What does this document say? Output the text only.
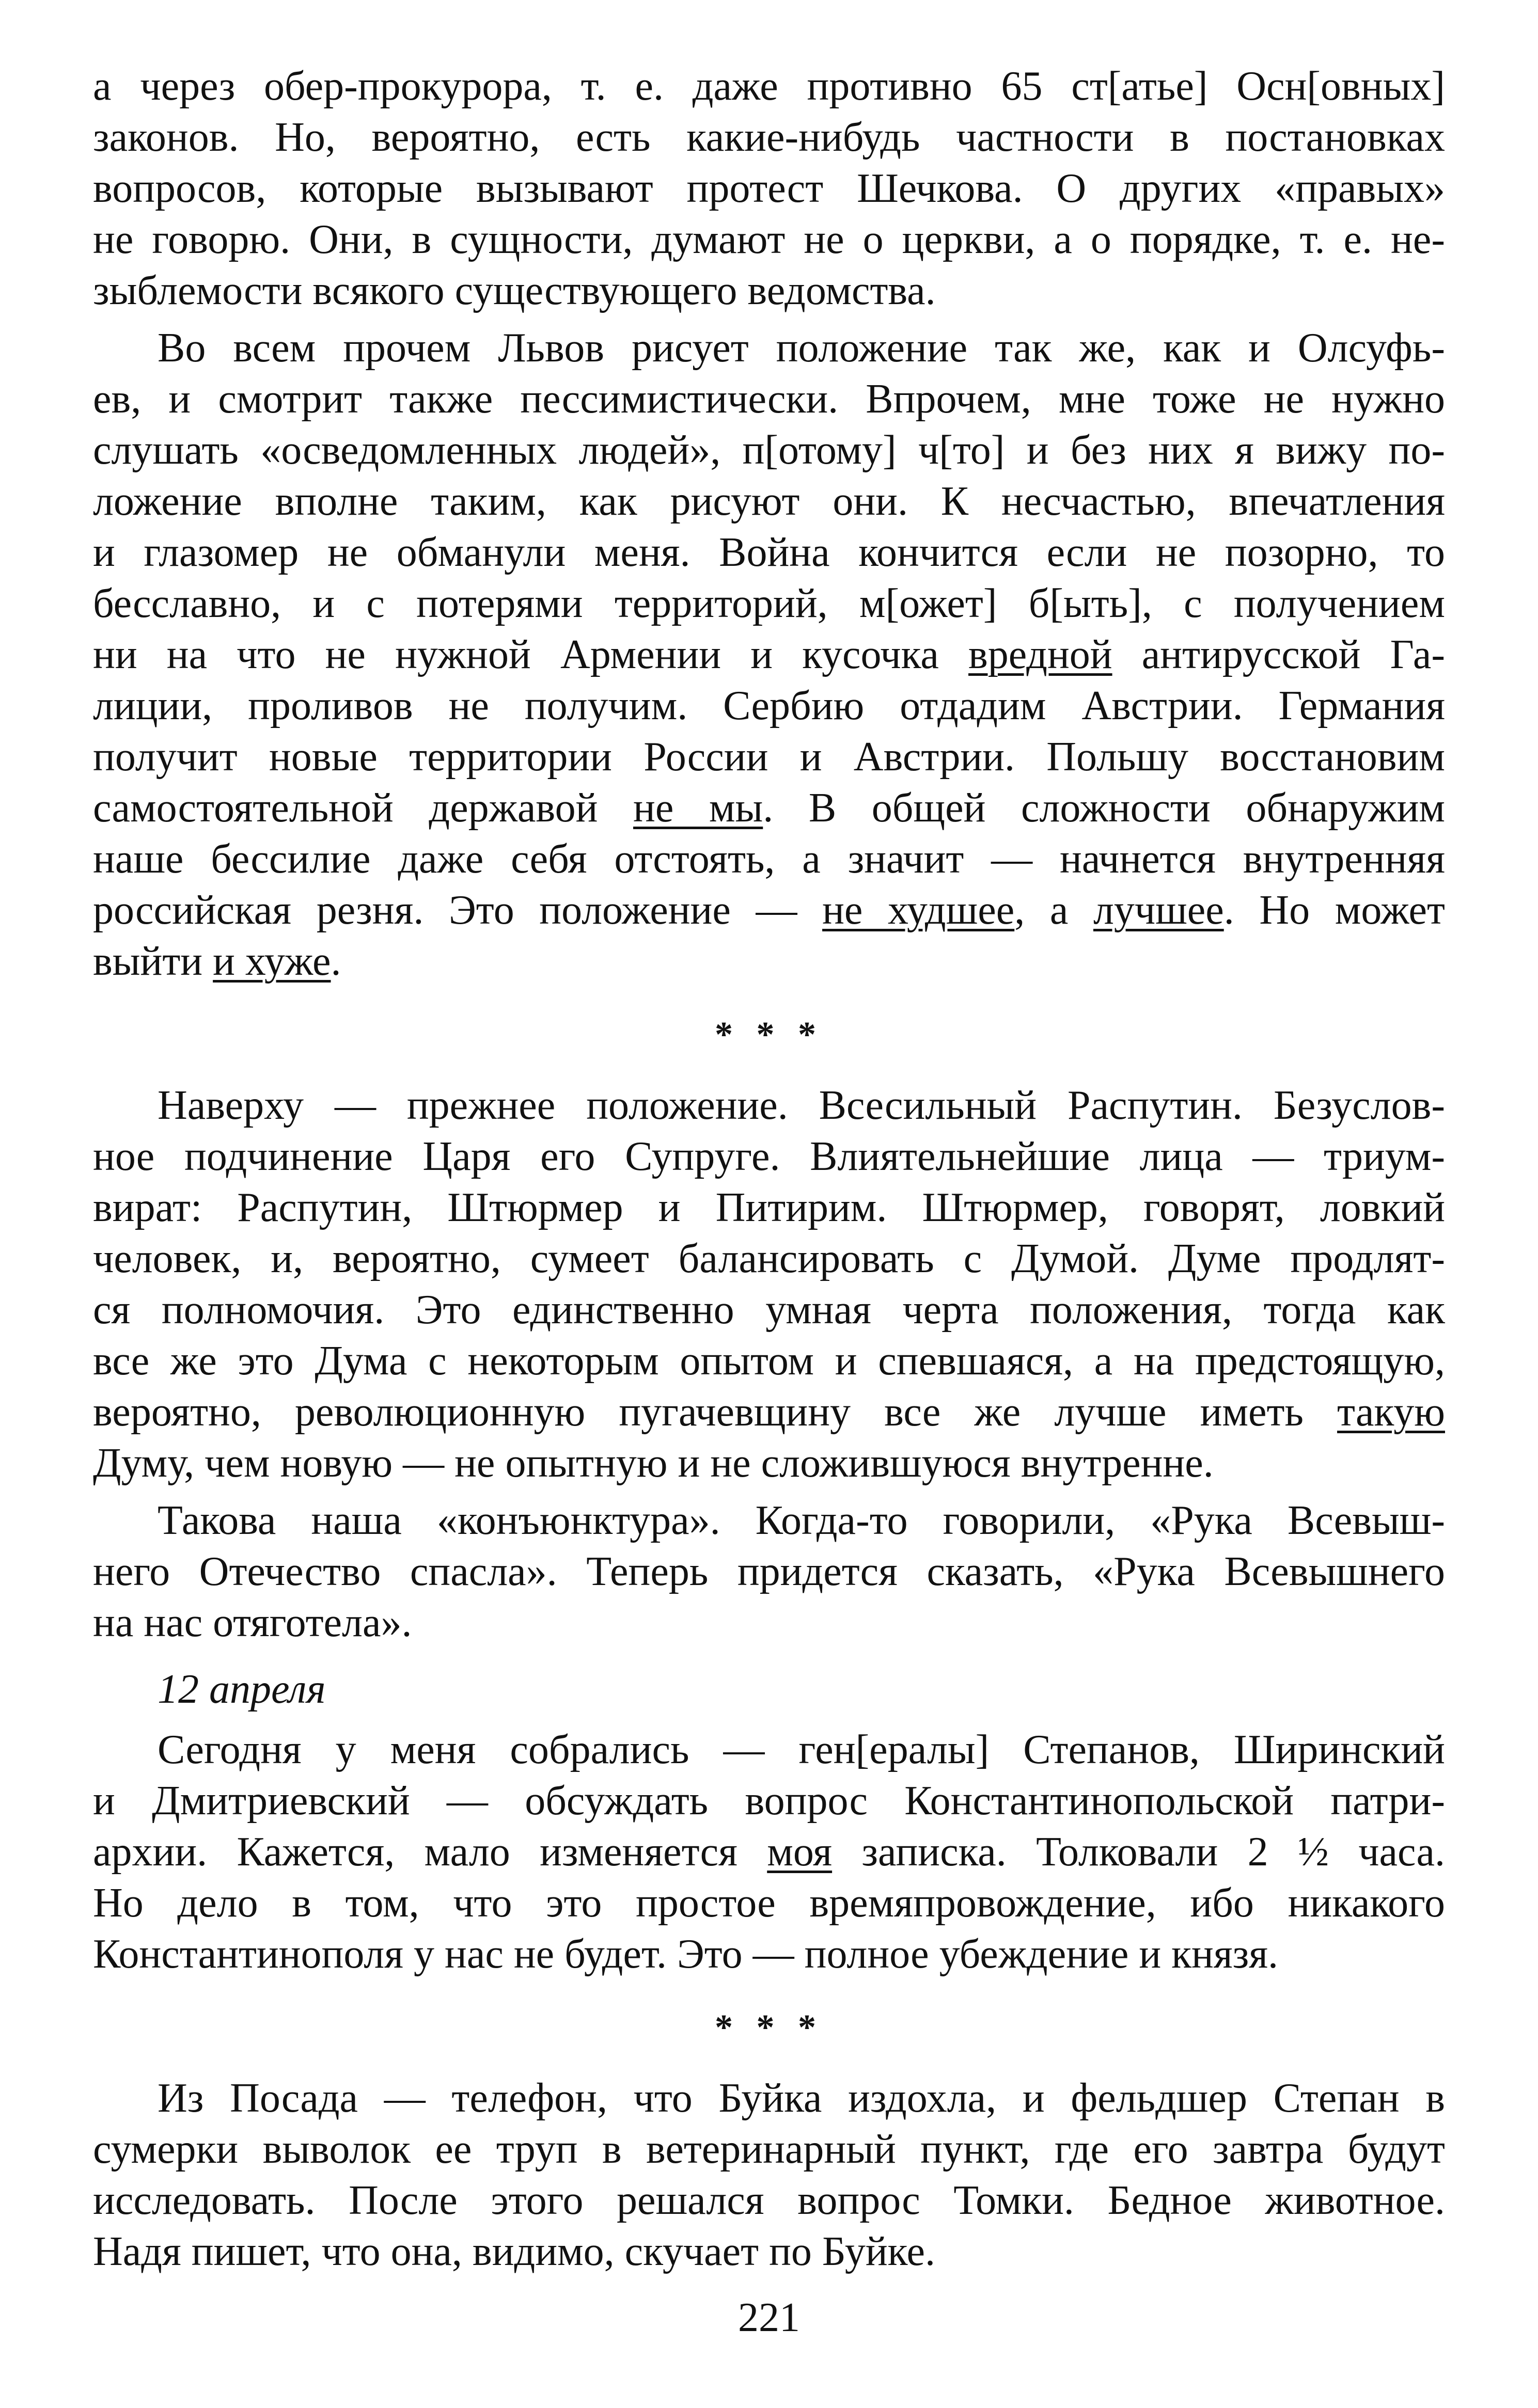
а через обер-прокурора, т. е. даже противно 65 ст[атье] Осн[овных]
законов. Но, вероятно, есть какие-нибудь частности в постановках
вопросов, которые вызывают протест Шечкова. О других «правых»
не говорю. Они, в сущности, думают не о церкви, а о порядке, т. е. не-
зыблемости всякого существующего ведомства.
Во всем прочем Львов рисует положение так же, как и Олсуфь-
ев, и смотрит также пессимистически. Впрочем, мне тоже не нужно
слушать «осведомленных людей», п[отому] ч[то] и без них я вижу по-
ложение вполне таким, как рисуют они. К несчастью, впечатления
и глазомер не обманули меня. Война кончится если не позорно, то
бесславно, и с потерями территорий, м[ожет] б[ыть], с получением
ни на что не нужной Армении и кусочка вредной антирусской Га-
лиции, проливов не получим. Сербию отдадим Австрии. Германия
получит новые территории России и Австрии. Польшу восстановим
самостоятельной державой не мы. В общей сложности обнаружим
наше бессилие даже себя отстоять, а значит — начнется внутренняя
российская резня. Это положение — не худшее, а лучшее. Но может
выйти и хуже.
* * *
Наверху — прежнее положение. Всесильный Распутин. Безуслов-
ное подчинение Царя его Супруге. Влиятельнейшие лица — триум-
вират: Распутин, Штюрмер и Питирим. Штюрмер, говорят, ловкий
человек, и, вероятно, сумеет балансировать с Думой. Думе продлят-
ся полномочия. Это единственно умная черта положения, тогда как
все же это Дума с некоторым опытом и спевшаяся, а на предстоящую,
вероятно, революционную пугачевщину все же лучше иметь такую
Думу, чем новую — не опытную и не сложившуюся внутренне.
Такова наша «конъюнктура». Когда-то говорили, «Рука Всевыш-
него Отечество спасла». Теперь придется сказать, «Рука Всевышнего
на нас отяготела».
12 апреля
Сегодня у меня собрались — ген[ералы] Степанов, Ширинский
и Дмитриевский — обсуждать вопрос Константинопольской патри-
архии. Кажется, мало изменяется моя записка. Толковали 2 ½ часа.
Но дело в том, что это простое времяпровождение, ибо никакого
Константинополя у нас не будет. Это — полное убеждение и князя.
* * *
Из Посада — телефон, что Буйка издохла, и фельдшер Степан в
сумерки выволок ее труп в ветеринарный пункт, где его завтра будут
исследовать. После этого решался вопрос Томки. Бедное животное.
Надя пишет, что она, видимо, скучает по Буйке.
221
